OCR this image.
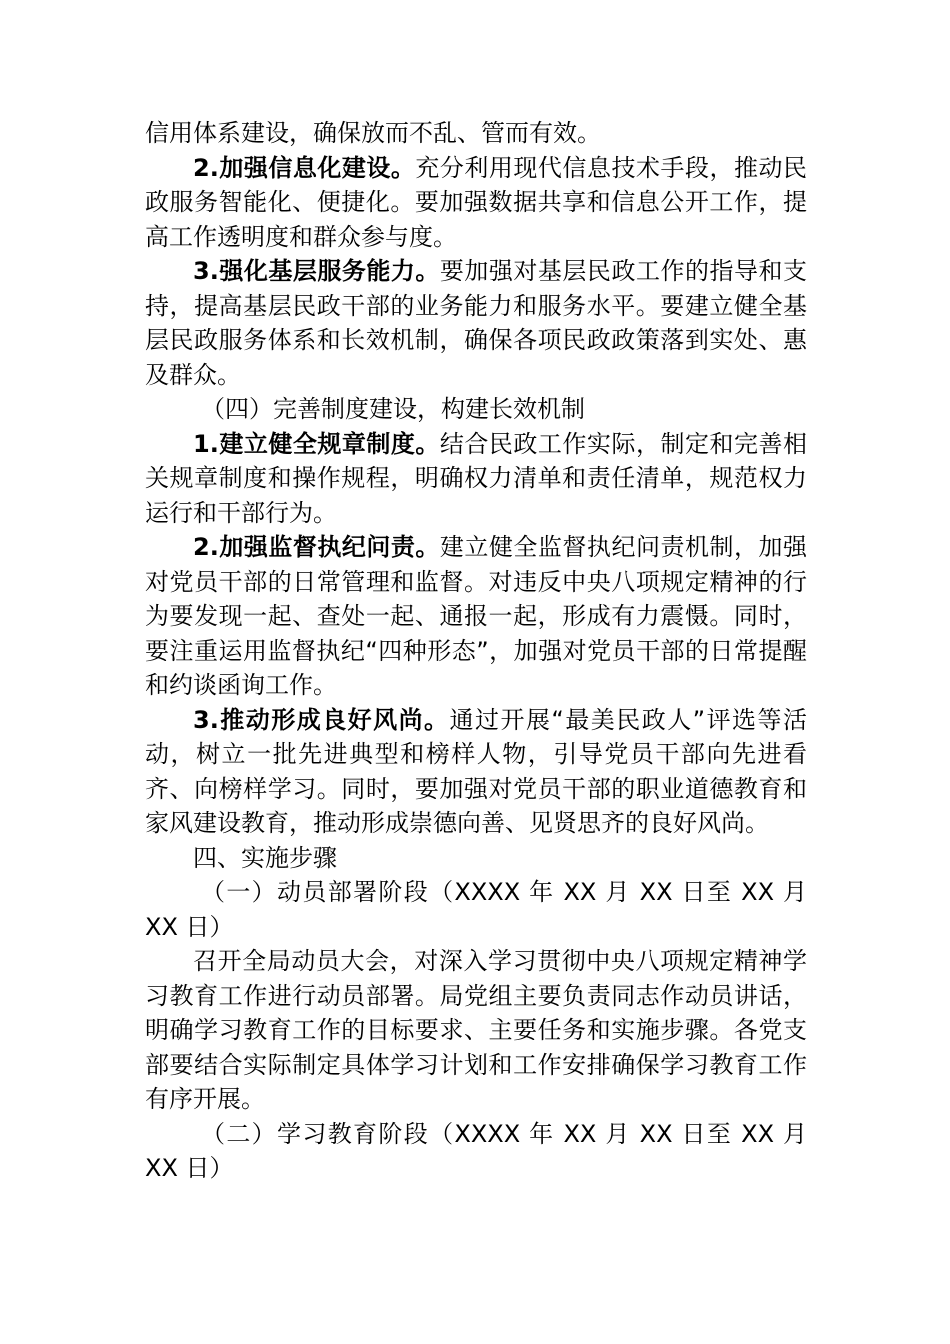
信用体系建设，确保放而不乱、管而有效。

2.加强信息化建设。充分利用现代信息技术手段，推动民政服务智能化、便捷化。要加强数据共享和信息公开工作，提高工作透明度和群众参与度。

3.强化基层服务能力。要加强对基层民政工作的指导和支持，提高基层民政干部的业务能力和服务水平。要建立健全基层民政服务体系和长效机制，确保各项民政政策落到实处、惠及群众。

（四）完善制度建设，构建长效机制

1.建立健全规章制度。结合民政工作实际，制定和完善相关规章制度和操作规程，明确权力清单和责任清单，规范权力运行和干部行为。

2.加强监督执纪问责。建立健全监督执纪问责机制，加强对党员干部的日常管理和监督。对违反中央八项规定精神的行为要发现一起、查处一起、通报一起，形成有力震慑。同时，要注重运用监督执纪“四种形态”，加强对党员干部的日常提醒和约谈函询工作。

3.推动形成良好风尚。通过开展“最美民政人”评选等活动，树立一批先进典型和榜样人物，引导党员干部向先进看齐、向榜样学习。同时，要加强对党员干部的职业道德教育和家风建设教育，推动形成崇德向善、见贤思齐的良好风尚。

四、实施步骤

（一）动员部署阶段（XXXX 年 XX 月 XX 日至 XX 月 XX 日）

召开全局动员大会，对深入学习贯彻中央八项规定精神学习教育工作进行动员部署。局党组主要负责同志作动员讲话，明确学习教育工作的目标要求、主要任务和实施步骤。各党支部要结合实际制定具体学习计划和工作安排确保学习教育工作有序开展。

（二）学习教育阶段（XXXX 年 XX 月 XX 日至 XX 月 XX 日）
